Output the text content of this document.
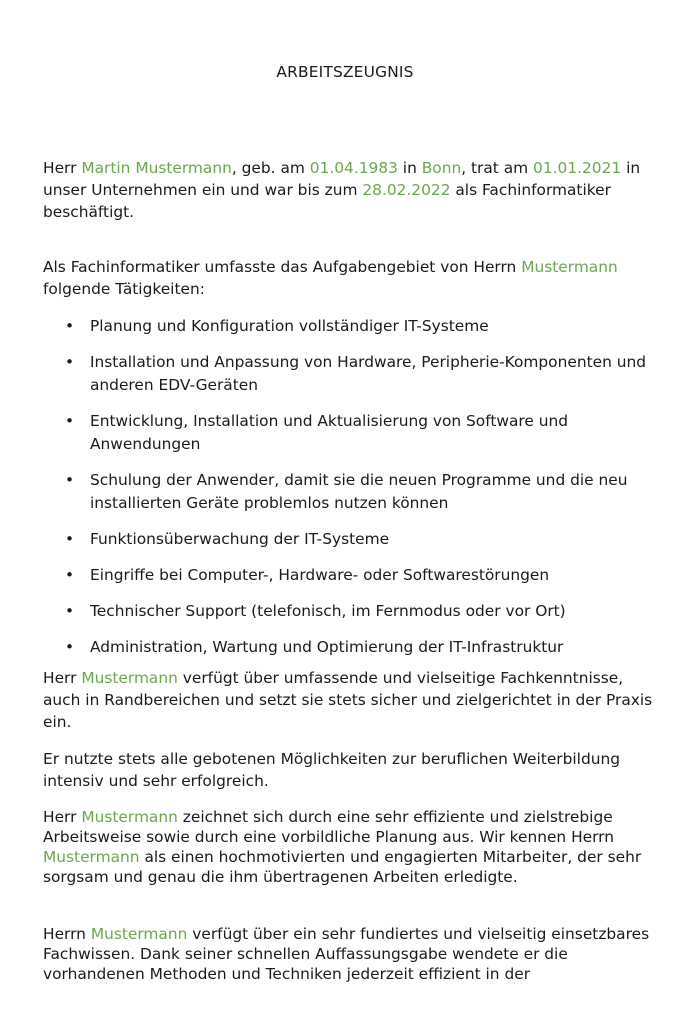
ARBEITSZEUGNIS

Herr Martin Mustermann, geb. am 01.04.1983 in Bonn, trat am 01.01.2021 in unser Unternehmen ein und war bis zum 28.02.2022 als Fachinformatiker beschäftigt.

Als Fachinformatiker umfasste das Aufgabengebiet von Herrn Mustermann folgende Tätigkeiten:

• Planung und Konfiguration vollständiger IT-Systeme
• Installation und Anpassung von Hardware, Peripherie-Komponenten und anderen EDV-Geräten
• Entwicklung, Installation und Aktualisierung von Software und Anwendungen
• Schulung der Anwender, damit sie die neuen Programme und die neu installierten Geräte problemlos nutzen können
• Funktionsüberwachung der IT-Systeme
• Eingriffe bei Computer-, Hardware- oder Softwarestörungen
• Technischer Support (telefonisch, im Fernmodus oder vor Ort)
• Administration, Wartung und Optimierung der IT-Infrastruktur

Herr Mustermann verfügt über umfassende und vielseitige Fachkenntnisse, auch in Randbereichen und setzt sie stets sicher und zielgerichtet in der Praxis ein.

Er nutzte stets alle gebotenen Möglichkeiten zur beruflichen Weiterbildung intensiv und sehr erfolgreich.

Herr Mustermann zeichnet sich durch eine sehr effiziente und zielstrebige Arbeitsweise sowie durch eine vorbildliche Planung aus. Wir kennen Herrn Mustermann als einen hochmotivierten und engagierten Mitarbeiter, der sehr sorgsam und genau die ihm übertragenen Arbeiten erledigte.

Herrn Mustermann verfügt über ein sehr fundiertes und vielseitig einsetzbares Fachwissen. Dank seiner schnellen Auffassungsgabe wendete er die vorhandenen Methoden und Techniken jederzeit effizient in der
